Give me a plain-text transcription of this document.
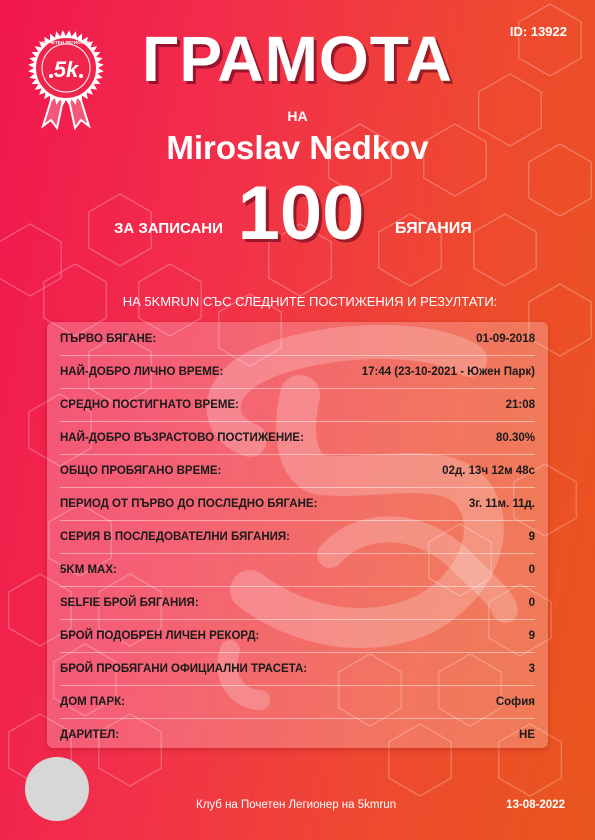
ПОЧЕТЕН ЛЕГИОНЕР
5k
ID: 13922
ГРАМОТА
НА
Miroslav Nedkov
ЗА ЗАПИСАНИ 100	БЯГАНИЯ
НА 5KMRUN СЪС СЛЕДНИТЕ ПОСТИЖЕНИЯ И РЕЗУЛТАТИ:
ПЪРВО БЯГАНЕ:	01-09-2018
НАЙ-ДОБРО ЛИЧНО ВРЕМЕ:	17:44 (23-10-2021 - Южен Парк)
СРЕДНО ПОСТИГНАТО ВРЕМЕ:	21:08
НАЙ-ДОБРО ВЪЗРАСТОВО ПОСТИЖЕНИЕ:	80.30%
ОБЩО ПРОБЯГАНО ВРЕМЕ:	02д. 13ч 12м 48с
ПЕРИОД ОТ ПЪРВО ДО ПОСЛЕДНО БЯГАНЕ:	3г. 11м. 11д.
СЕРИЯ В ПОСЛЕДОВАТЕЛНИ БЯГАНИЯ:	9
5KM MAX:	0
SELFIE БРОЙ БЯГАНИЯ:	0
БРОЙ ПОДОБРЕН ЛИЧЕН РЕКОРД:	9
БРОЙ ПРОБЯГАНИ ОФИЦИАЛНИ ТРАСЕТА:	3
ДОМ ПАРК:	София
ДАРИТЕЛ:	НЕ
Клуб на Почетен Легионер на 5kmrun	13-08-2022
